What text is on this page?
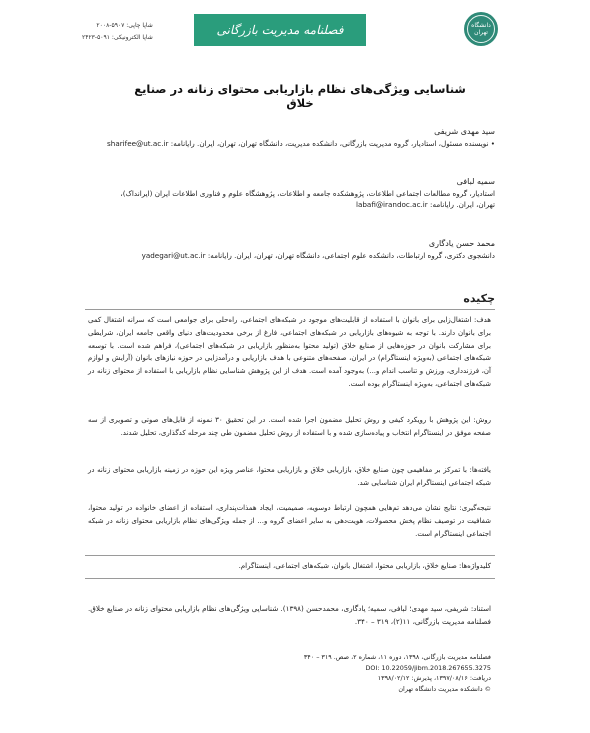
دانشگاه تهران
فصلنامه مدیریت بازرگانی
شاپا چاپی: ۵۹۰۷-۲۰۰۸
شاپا الکترونیکی: ۵۰۹۱-۲۴۲۳
شناسایی ویژگی‌های نظام بازاریابی محتوای زنانه در صنایع خلاق
سید مهدی شریفی
• نویسنده مسئول، استادیار، گروه مدیریت بازرگانی، دانشکده مدیریت، دانشگاه تهران، تهران، ایران. رایانامه: sharifee@ut.ac.ir
سمیه لبافی
استادیار، گروه مطالعات اجتماعی اطلاعات، پژوهشکده جامعه و اطلاعات، پژوهشگاه علوم و فناوری اطلاعات ایران (ایرانداک)، تهران، ایران. رایانامه: labafi@irandoc.ac.ir
محمد حسن یادگاری
دانشجوی دکتری، گروه ارتباطات، دانشکده علوم اجتماعی، دانشگاه تهران، تهران، ایران. رایانامه: yadegari@ut.ac.ir
چکیده
هدف: اشتغال‌زایی برای بانوان با استفاده از قابلیت‌های موجود در شبکه‌های اجتماعی، راه‌حلی برای جوامعی است که سرانه اشتغال کمی برای بانوان دارند. با توجه به شیوه‌های بازاریابی در شبکه‌های اجتماعی، فارغ از برخی محدودیت‌های دنیای واقعی جامعه ایران، شرایطی برای مشارکت بانوان در حوزه‌هایی از صنایع خلاق (تولید محتوا به‌منظور بازاریابی در شبکه‌های اجتماعی)، فراهم شده است. با توسعه شبکه‌های اجتماعی (به‌ویژه اینستاگرام) در ایران، صفحه‌های متنوعی با هدف بازاریابی و درآمدزایی در حوزه نیازهای بانوان (آرایش و لوازم آن، فرزندداری، ورزش و تناسب اندام و...) به‌وجود آمده است. هدف از این پژوهش شناسایی نظام بازاریابی با استفاده از محتوای زنانه در شبکه‌های اجتماعی، به‌ویژه اینستاگرام بوده است.
روش: این پژوهش با رویکرد کیفی و روش تحلیل مضمون اجرا شده است. در این تحقیق ۳۰ نمونه از فایل‌های صوتی و تصویری از سه صفحه موفق در اینستاگرام انتخاب و پیاده‌سازی شده و با استفاده از روش تحلیل مضمون طی چند مرحله کدگذاری، تحلیل شدند.
یافته‌ها: با تمرکز بر مفاهیمی چون صنایع خلاق، بازاریابی خلاق و بازاریابی محتوا، عناصر ویژه این حوزه در زمینه بازاریابی محتوای زنانه در شبکه اجتماعی اینستاگرام ایران شناسایی شد.
نتیجه‌گیری: نتایج نشان می‌دهد تم‌هایی همچون ارتباط دوسویه، صمیمیت، ایجاد همذات‌پنداری، استفاده از اعضای خانواده در تولید محتوا، شفافیت در توصیف نظام پخش محصولات، هویت‌دهی به سایر اعضای گروه و... از جمله ویژگی‌های نظام بازاریابی محتوای زنانه در شبکه اجتماعی اینستاگرام است.
کلیدواژه‌ها: صنایع خلاق، بازاریابی محتوا، اشتغال بانوان، شبکه‌های اجتماعی، اینستاگرام.
استناد: شریفی، سید مهدی؛ لبافی، سمیه؛ یادگاری، محمدحسن (۱۳۹۸). شناسایی ویژگی‌های نظام بازاریابی محتوای زنانه در صنایع خلاق. فصلنامه مدیریت بازرگانی، ۱۱(۲)، ۳۱۹ – ۳۴۰.
فصلنامه مدیریت بازرگانی، ۱۳۹۸، دوره ۱۱، شماره ۲، صص. ۳۱۹ – ۳۴۰
DOI: 10.22059/jibm.2018.267655.3275
دریافت: ۱۳۹۷/۰۸/۱۶، پذیرش: ۱۳۹۸/۰۲/۱۲
© دانشکده مدیریت دانشگاه تهران
